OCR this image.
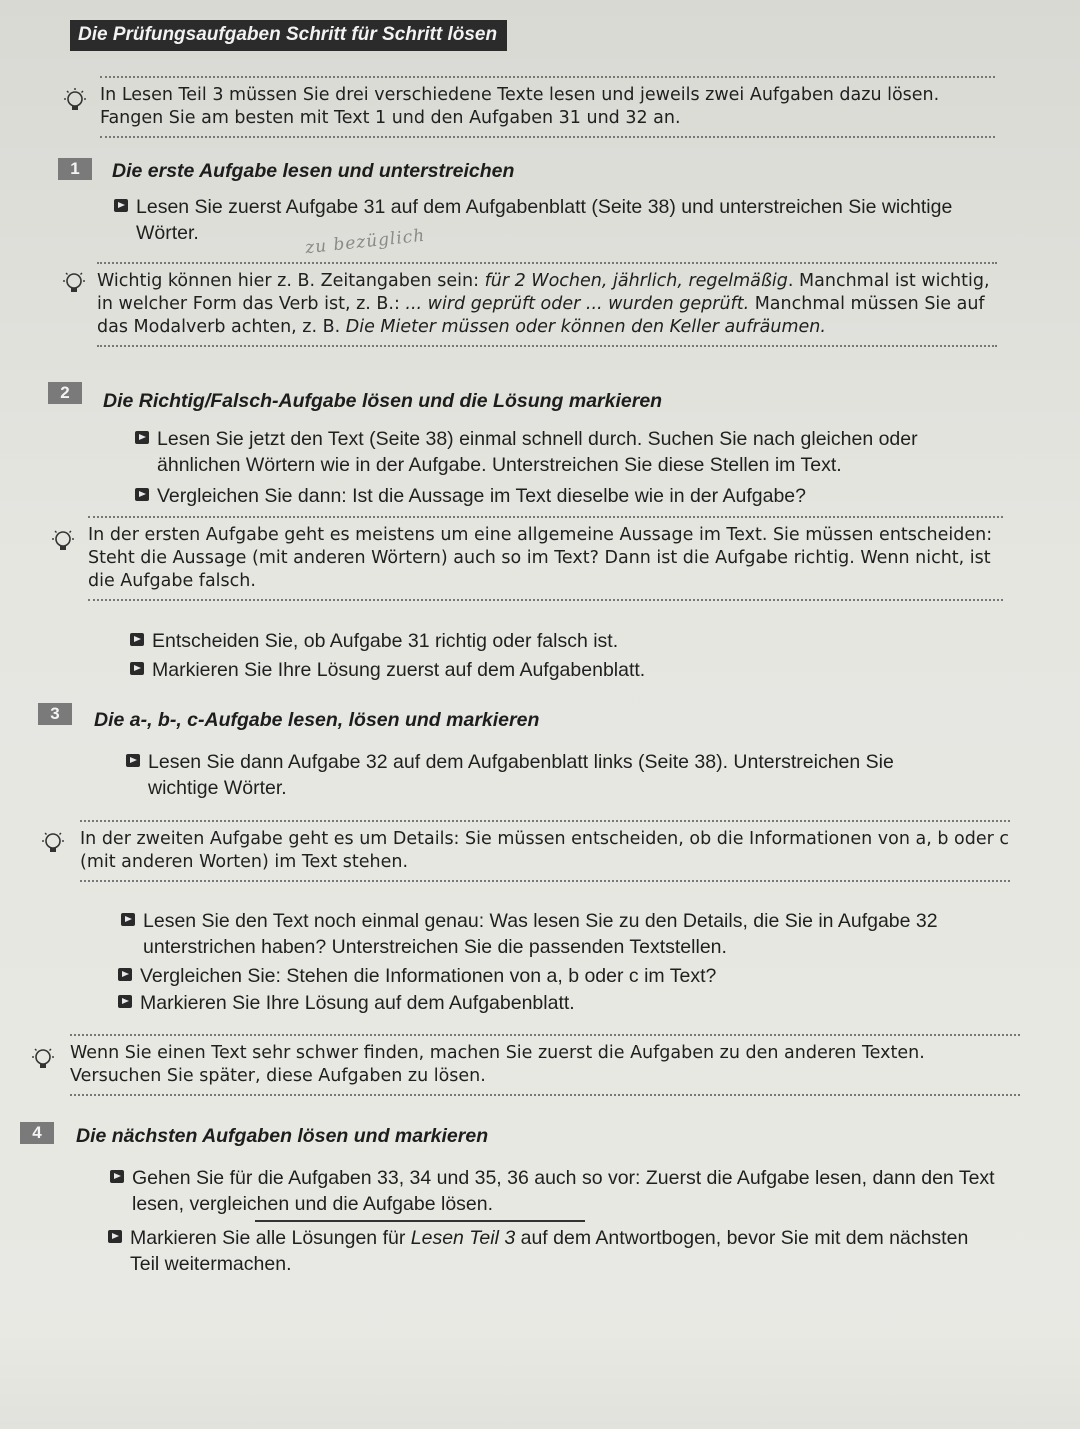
Die Prüfungsaufgaben Schritt für Schritt lösen
In Lesen Teil 3 müssen Sie drei verschiedene Texte lesen und jeweils zwei Aufgaben dazu lösen. Fangen Sie am besten mit Text 1 und den Aufgaben 31 und 32 an.
1	Die erste Aufgabe lesen und unterstreichen
Lesen Sie zuerst Aufgabe 31 auf dem Aufgabenblatt (Seite 38) und unterstreichen Sie wichtige Wörter.	zu bezüglich
Wichtig können hier z. B. Zeitangaben sein: für 2 Wochen, jährlich, regelmäßig. Manchmal ist wichtig, in welcher Form das Verb ist, z. B.: ... wird geprüft oder ... wurden geprüft. Manchmal müssen Sie auf das Modalverb achten, z. B. Die Mieter müssen oder können den Keller aufräumen.
2	Die Richtig/Falsch-Aufgabe lösen und die Lösung markieren
Lesen Sie jetzt den Text (Seite 38) einmal schnell durch. Suchen Sie nach gleichen oder ähnlichen Wörtern wie in der Aufgabe. Unterstreichen Sie diese Stellen im Text.
Vergleichen Sie dann: Ist die Aussage im Text dieselbe wie in der Aufgabe?
In der ersten Aufgabe geht es meistens um eine allgemeine Aussage im Text. Sie müssen entscheiden: Steht die Aussage (mit anderen Wörtern) auch so im Text? Dann ist die Aufgabe richtig. Wenn nicht, ist die Aufgabe falsch.
Entscheiden Sie, ob Aufgabe 31 richtig oder falsch ist.
Markieren Sie Ihre Lösung zuerst auf dem Aufgabenblatt.
3	Die a-, b-, c-Aufgabe lesen, lösen und markieren
Lesen Sie dann Aufgabe 32 auf dem Aufgabenblatt links (Seite 38). Unterstreichen Sie wichtige Wörter.
In der zweiten Aufgabe geht es um Details: Sie müssen entscheiden, ob die Informationen von a, b oder c (mit anderen Worten) im Text stehen.
Lesen Sie den Text noch einmal genau: Was lesen Sie zu den Details, die Sie in Aufgabe 32 unterstrichen haben? Unterstreichen Sie die passenden Textstellen.
Vergleichen Sie: Stehen die Informationen von a, b oder c im Text?
Markieren Sie Ihre Lösung auf dem Aufgabenblatt.
Wenn Sie einen Text sehr schwer finden, machen Sie zuerst die Aufgaben zu den anderen Texten. Versuchen Sie später, diese Aufgaben zu lösen.
4	Die nächsten Aufgaben lösen und markieren
Gehen Sie für die Aufgaben 33, 34 und 35, 36 auch so vor: Zuerst die Aufgabe lesen, dann den Text lesen, vergleichen und die Aufgabe lösen.
Markieren Sie alle Lösungen für Lesen Teil 3 auf dem Antwortbogen, bevor Sie mit dem nächsten Teil weitermachen.
